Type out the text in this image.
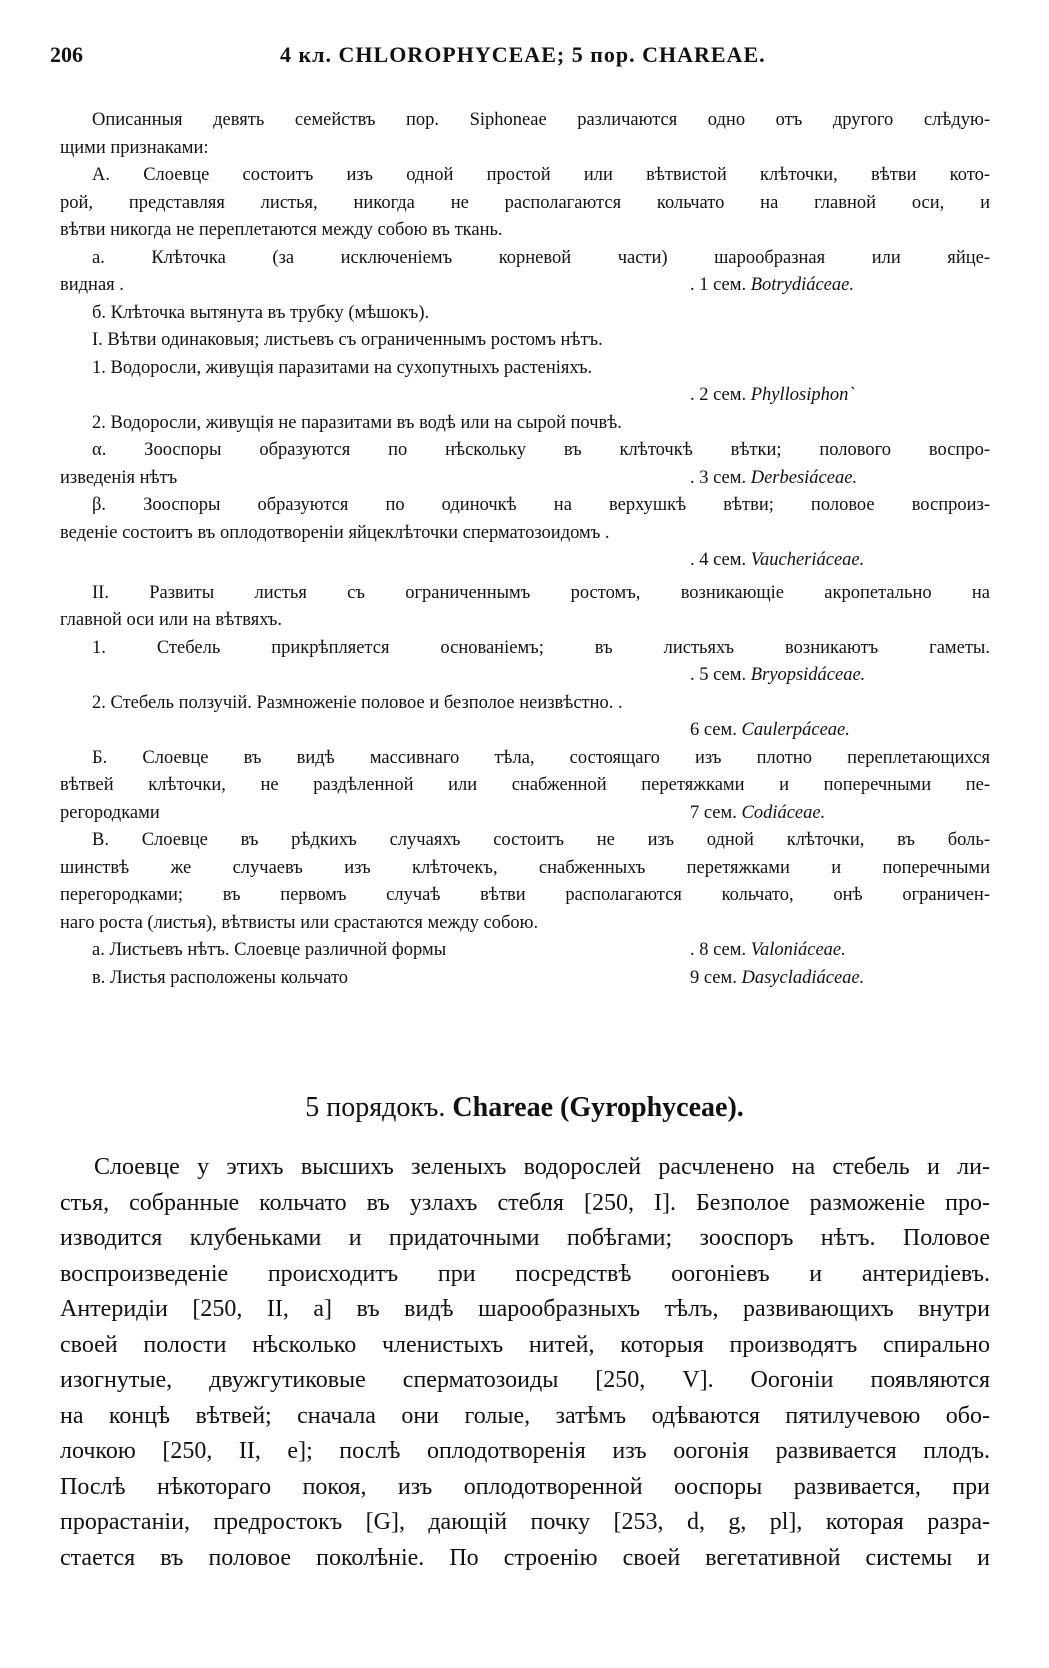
206	4 кл. CHLOROPHYCEAE; 5 пор. CHAREAE.
Описанныя девять семействъ пор. Siphoneae различаются одно отъ другого слѣдую-
щими признаками:
А. Слоевце состоитъ изъ одной простой или вѣтвистой клѣточки, вѣтви кото-
рой, представляя листья, никогда не располагаются кольчато на главной оси, и
вѣтви никогда не переплетаются между собою въ ткань.
а. Клѣточка (за исключеніемъ корневой части) шарообразная или яйце-
видная .	. 1 сем. Botrydiáceae.
б. Клѣточка вытянута въ трубку (мѣшокъ).
I. Вѣтви одинаковыя; листьевъ съ ограниченнымъ ростомъ нѣтъ.
1. Водоросли, живущія паразитами на сухопутныхъ растеніяхъ.
. 2 сем. Phyllosiphon`
2. Водоросли, живущія не паразитами въ водѣ или на сырой почвѣ.
α. Зооспоры образуются по нѣскольку въ клѣточкѣ вѣтки; полового воспро-
изведенія нѣтъ	. 3 сем. Derbesiáceae.
β. Зооспоры образуются по одиночкѣ на верхушкѣ вѣтви; половое воспроиз-
веденіе состоитъ въ оплодотвореніи яйцеклѣточки сперматозоидомъ .
. 4 сем. Vaucheriáceae.
II. Развиты листья съ ограниченнымъ ростомъ, возникающіе акропетально на
главной оси или на вѣтвяхъ.
1. Стебель прикрѣпляется основаніемъ; въ листьяхъ возникаютъ гаметы.
. 5 сем. Bryopsidáceae.
2. Стебель ползучій. Размноженіе половое и безполое неизвѣстно. .
6 сем. Caulerpáceae.
Б. Слоевце въ видѣ массивнаго тѣла, состоящаго изъ плотно переплетающихся
вѣтвей клѣточки, не раздѣленной или снабженной перетяжками и поперечными пе-
регородками	7 сем. Codiáceae.
В. Слоевце въ рѣдкихъ случаяхъ состоитъ не изъ одной клѣточки, въ боль-
шинствѣ же случаевъ изъ клѣточекъ, снабженныхъ перетяжками и поперечными
перегородками; въ первомъ случаѣ вѣтви располагаются кольчато, онѣ ограничен-
наго роста (листья), вѣтвисты или срастаются между собою.
а. Листьевъ нѣтъ. Слоевце различной формы	. 8 сем. Valoniáceae.
в. Листья расположены кольчато	9 сем. Dasycladiáceae.
5 порядокъ. Chareae (Gyrophyceae).
Слоевце у этихъ высшихъ зеленыхъ водорослей расчленено на стебель и ли-
стья, собранные кольчато въ узлахъ стебля [250, I]. Безполое разможеніе про-
изводится клубеньками и придаточными побѣгами; зооспоръ нѣтъ. Половое
воспроизведеніе происходитъ при посредствѣ оогоніевъ и антеридіевъ.
Антеридіи [250, II, a] въ видѣ шарообразныхъ тѣлъ, развивающихъ внутри
своей полости нѣсколько членистыхъ нитей, которыя производятъ спирально
изогнутые, двужгутиковые сперматозоиды [250, V]. Оогоніи появляются
на концѣ вѣтвей; сначала они голые, затѣмъ одѣваются пятилучевою обо-
лочкою [250, II, e]; послѣ оплодотворенія изъ оогонія развивается плодъ.
Послѣ нѣкотораго покоя, изъ оплодотворенной ооспоры развивается, при
прорастаніи, предростокъ [G], дающій почку [253, d, g, pl], которая разра-
стается въ половое поколѣніе. По строенію своей вегетативной системы и
